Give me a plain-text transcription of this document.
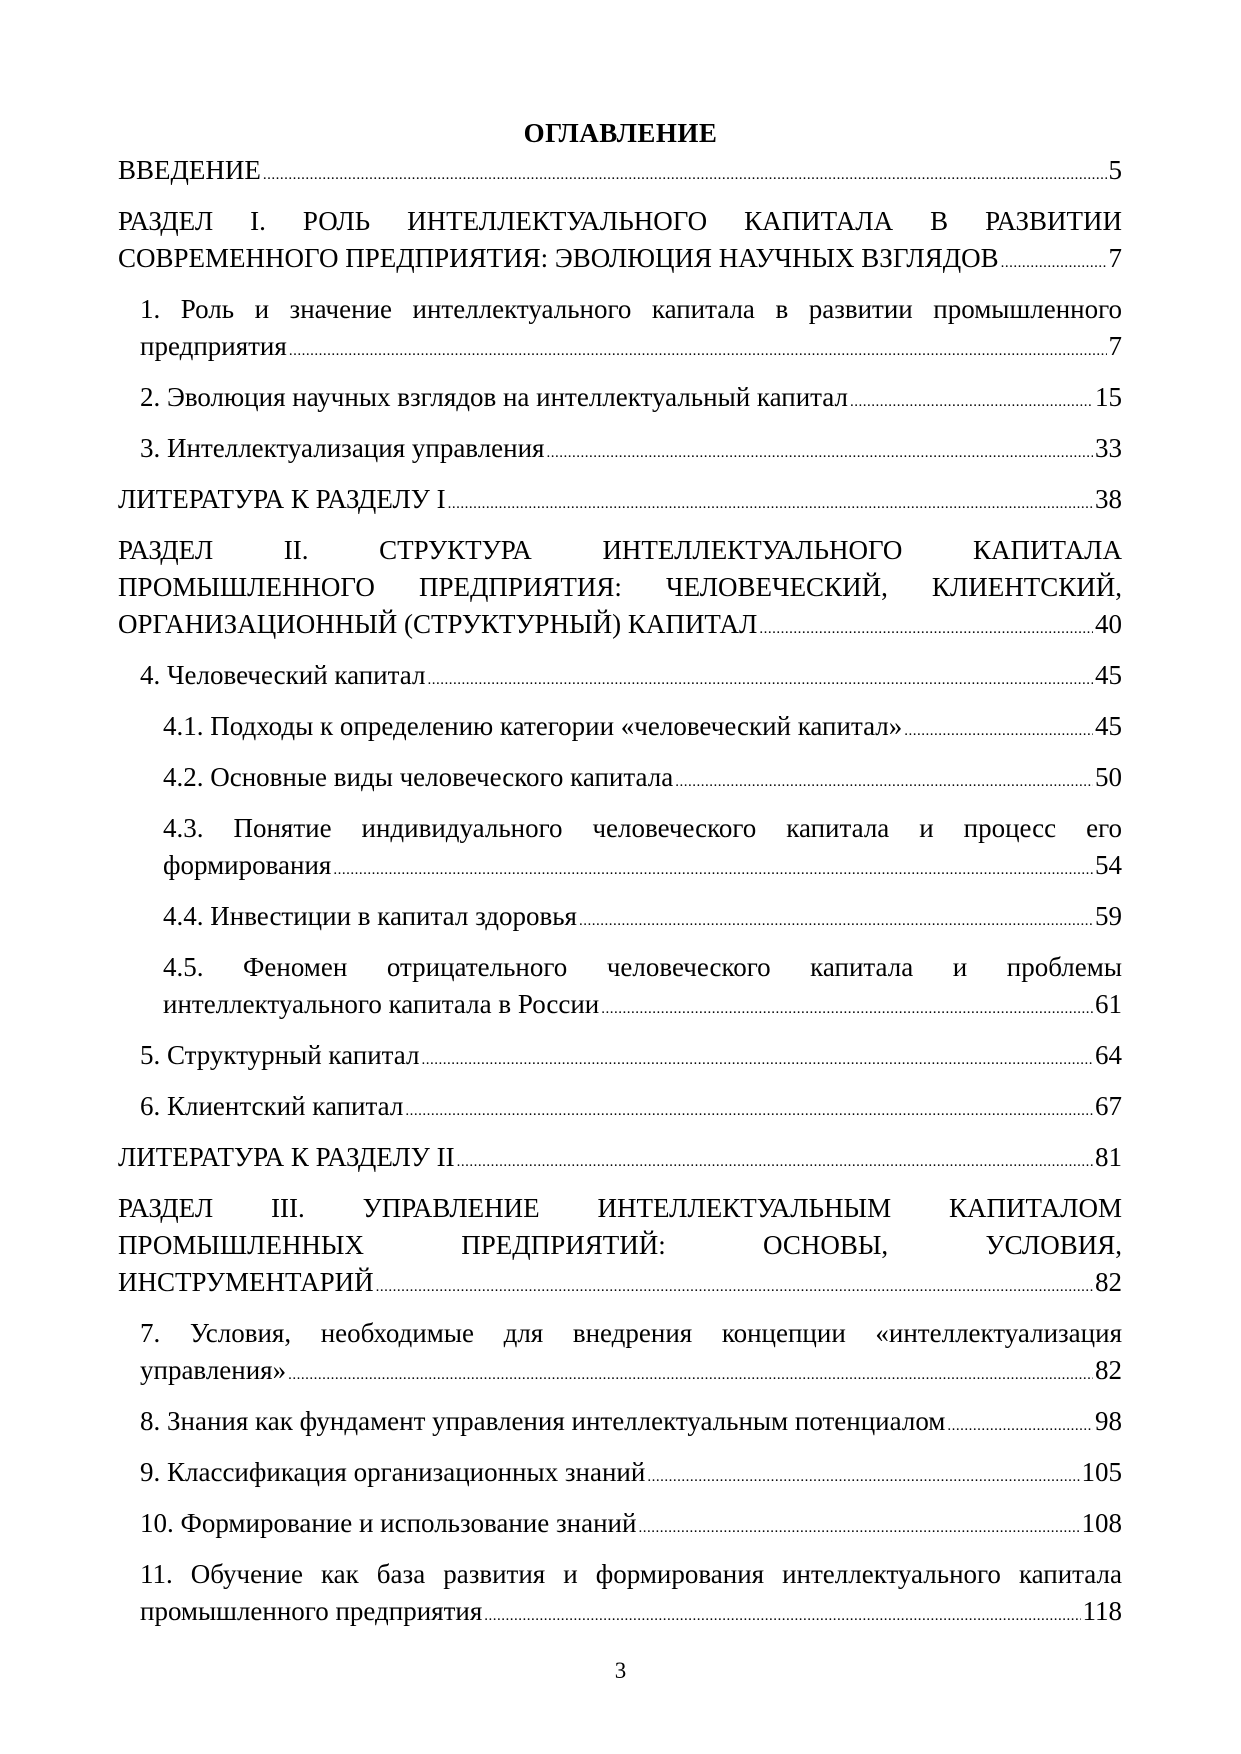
ОГЛАВЛЕНИЕ
ВВЕДЕНИЕ .....	5
РАЗДЕЛ I. РОЛЬ ИНТЕЛЛЕКТУАЛЬНОГО КАПИТАЛА В РАЗВИТИИ
СОВРЕМЕННОГО ПРЕДПРИЯТИЯ: ЭВОЛЮЦИЯ НАУЧНЫХ ВЗГЛЯДОВ .....	7
1. Роль и значение интеллектуального капитала в развитии промышленного
предприятия .....	7
2. Эволюция научных взглядов на интеллектуальный капитал .....	15
3. Интеллектуализация управления .....	33
ЛИТЕРАТУРА К РАЗДЕЛУ I .....	38
РАЗДЕЛ II. СТРУКТУРА ИНТЕЛЛЕКТУАЛЬНОГО КАПИТАЛА
ПРОМЫШЛЕННОГО ПРЕДПРИЯТИЯ: ЧЕЛОВЕЧЕСКИЙ, КЛИЕНТСКИЙ,
ОРГАНИЗАЦИОННЫЙ (СТРУКТУРНЫЙ) КАПИТАЛ .....	40
4. Человеческий капитал .....	45
4.1. Подходы к определению категории «человеческий капитал» .....	45
4.2. Основные виды человеческого капитала .....	50
4.3. Понятие индивидуального человеческого капитала и процесс его
формирования .....	54
4.4. Инвестиции в капитал здоровья .....	59
4.5. Феномен отрицательного человеческого капитала и проблемы
интеллектуального капитала в России .....	61
5. Структурный капитал .....	64
6. Клиентский капитал .....	67
ЛИТЕРАТУРА К РАЗДЕЛУ II .....	81
РАЗДЕЛ III. УПРАВЛЕНИЕ ИНТЕЛЛЕКТУАЛЬНЫМ КАПИТАЛОМ
ПРОМЫШЛЕННЫХ ПРЕДПРИЯТИЙ: ОСНОВЫ, УСЛОВИЯ,
ИНСТРУМЕНТАРИЙ .....	82
7. Условия, необходимые для внедрения концепции «интеллектуализация
управления» .....	82
8. Знания как фундамент управления интеллектуальным потенциалом .....	98
9. Классификация организационных знаний .....	105
10. Формирование и использование знаний .....	108
11. Обучение как база развития и формирования интеллектуального капитала
промышленного предприятия .....	118
3
